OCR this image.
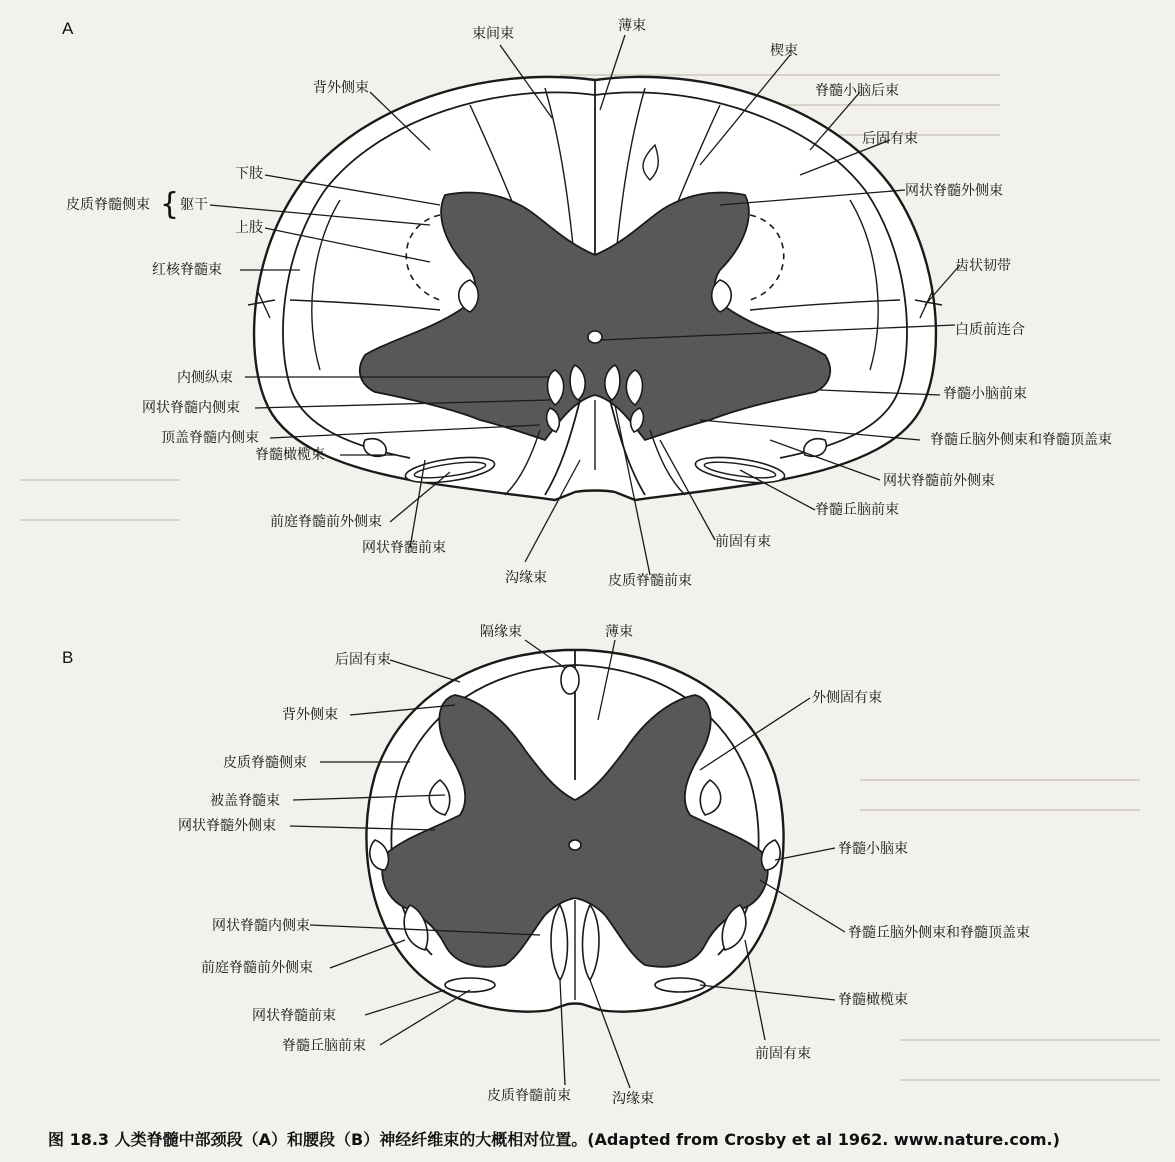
A	束间束	薄束
楔束
背外侧束	脊髓小脑后束
后固有束
网状脊髓外侧束
下肢
皮质脊髓侧束 { 躯干
上肢
红核脊髓束	齿状韧带
白质前连合
内侧纵束
脊髓小脑前束
网状脊髓内侧束
顶盖脊髓内侧束	脊髓丘脑外侧束和脊髓顶盖束
网状脊髓前外侧束
脊髓橄榄束
脊髓丘脑前束
前庭脊髓前外侧束
前固有束
网状脊髓前束
沟缘束	皮质脊髓前束
B
隔缘束	薄束
后固有束
外侧固有束
背外侧束
皮质脊髓侧束
被盖脊髓束
网状脊髓外侧束
脊髓小脑束
脊髓丘脑外侧束和脊髓顶盖束
网状脊髓内侧束
前庭脊髓前外侧束
脊髓橄榄束
网状脊髓前束
前固有束
脊髓丘脑前束
皮质脊髓前束	沟缘束
图 18.3 人类脊髓中部颈段（A）和腰段（B）神经纤维束的大概相对位置。(Adapted from Crosby et al 1962. www.nature.com.)
